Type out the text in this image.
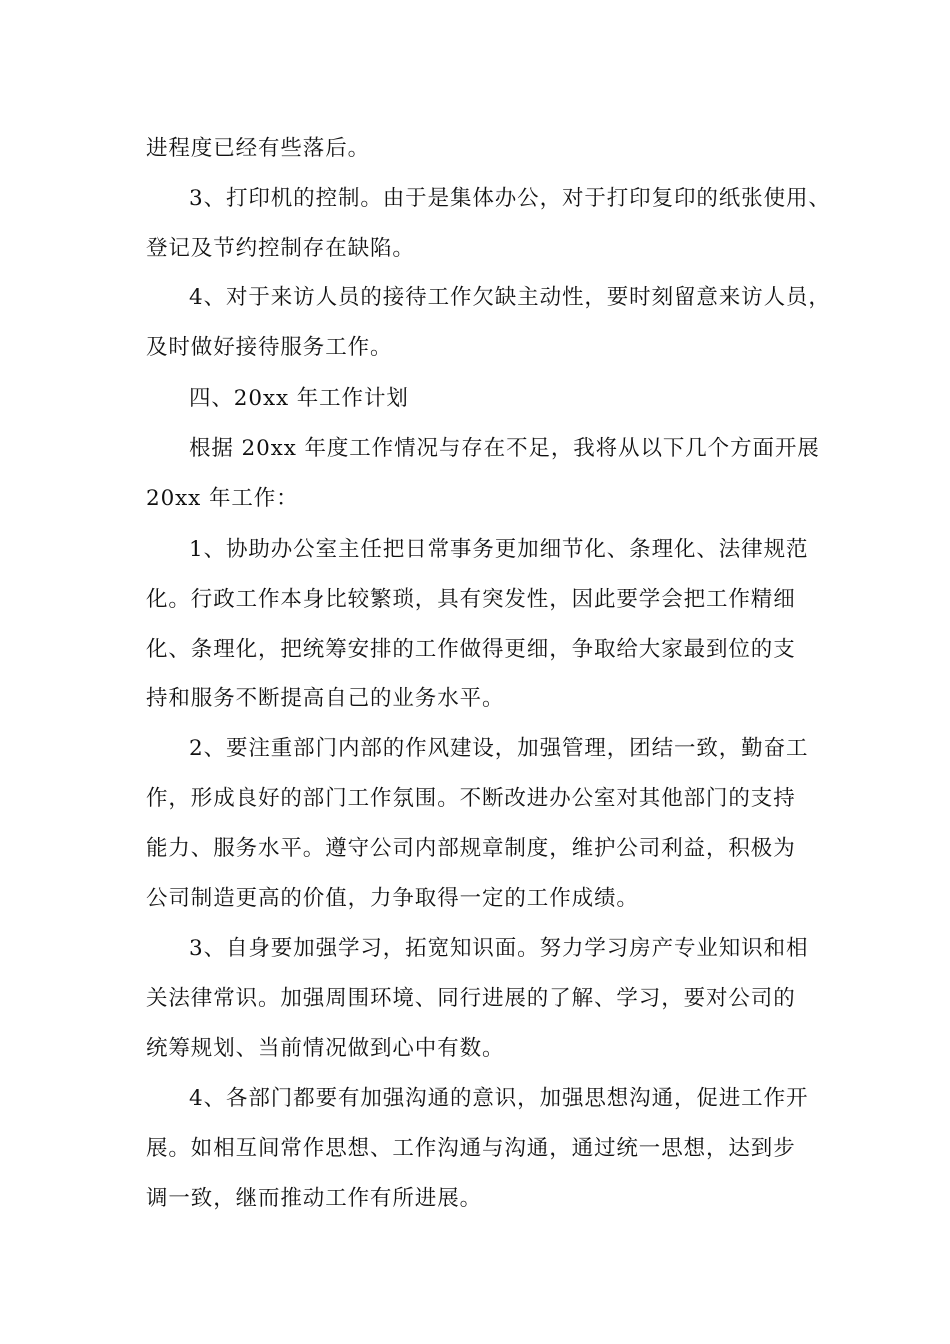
进程度已经有些落后。
3、打印机的控制。由于是集体办公，对于打印复印的纸张使用、
登记及节约控制存在缺陷。
4、对于来访人员的接待工作欠缺主动性，要时刻留意来访人员，
及时做好接待服务工作。
四、20xx 年工作计划
根据 20xx 年度工作情况与存在不足，我将从以下几个方面开展
20xx 年工作：
1、协助办公室主任把日常事务更加细节化、条理化、法律规范
化。行政工作本身比较繁琐，具有突发性，因此要学会把工作精细
化、条理化，把统筹安排的工作做得更细，争取给大家最到位的支
持和服务不断提高自己的业务水平。
2、要注重部门内部的作风建设，加强管理，团结一致，勤奋工
作，形成良好的部门工作氛围。不断改进办公室对其他部门的支持
能力、服务水平。遵守公司内部规章制度，维护公司利益，积极为
公司制造更高的价值，力争取得一定的工作成绩。
3、自身要加强学习，拓宽知识面。努力学习房产专业知识和相
关法律常识。加强周围环境、同行进展的了解、学习，要对公司的
统筹规划、当前情况做到心中有数。
4、各部门都要有加强沟通的意识，加强思想沟通，促进工作开
展。如相互间常作思想、工作沟通与沟通，通过统一思想，达到步
调一致，继而推动工作有所进展。
